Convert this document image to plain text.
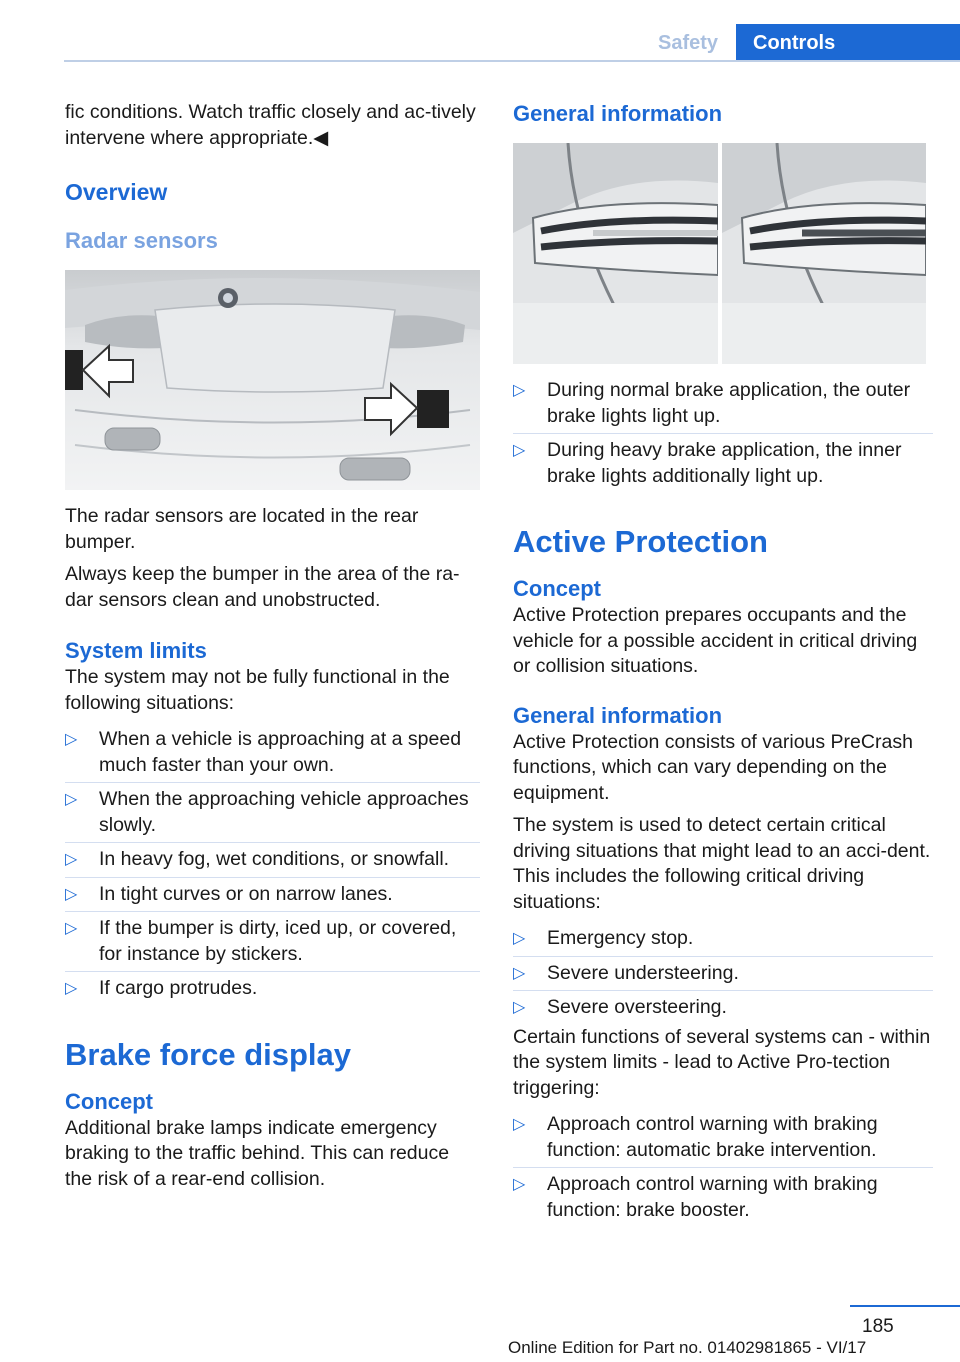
Safety	Controls

fic conditions. Watch traffic closely and ac‐tively intervene where appropriate.◀

Overview
Radar sensors

The radar sensors are located in the rear bumper.

Always keep the bumper in the area of the ra‐dar sensors clean and unobstructed.

System limits

The system may not be fully functional in the following situations:

▷ When a vehicle is approaching at a speed much faster than your own.
▷ When the approaching vehicle approaches slowly.
▷ In heavy fog, wet conditions, or snowfall.
▷ In tight curves or on narrow lanes.
▷ If the bumper is dirty, iced up, or covered, for instance by stickers.
▷ If cargo protrudes.
Brake force display
Concept

Additional brake lamps indicate emergency braking to the traffic behind. This can reduce the risk of a rear-end collision.

General information
▷ During normal brake application, the outer brake lights light up.
▷ During heavy brake application, the inner brake lights additionally light up.
Active Protection
Concept

Active Protection prepares occupants and the vehicle for a possible accident in critical driving or collision situations.

General information

Active Protection consists of various PreCrash functions, which can vary depending on the equipment.

The system is used to detect certain critical driving situations that might lead to an acci‐dent. This includes the following critical driving situations:

▷ Emergency stop.
▷ Severe understeering.
▷ Severe oversteering.

Certain functions of several systems can - within the system limits - lead to Active Pro‐tection triggering:

▷ Approach control warning with braking function: automatic brake intervention.
▷ Approach control warning with braking function: brake booster.
185
Online Edition for Part no. 01402981865 - VI/17
